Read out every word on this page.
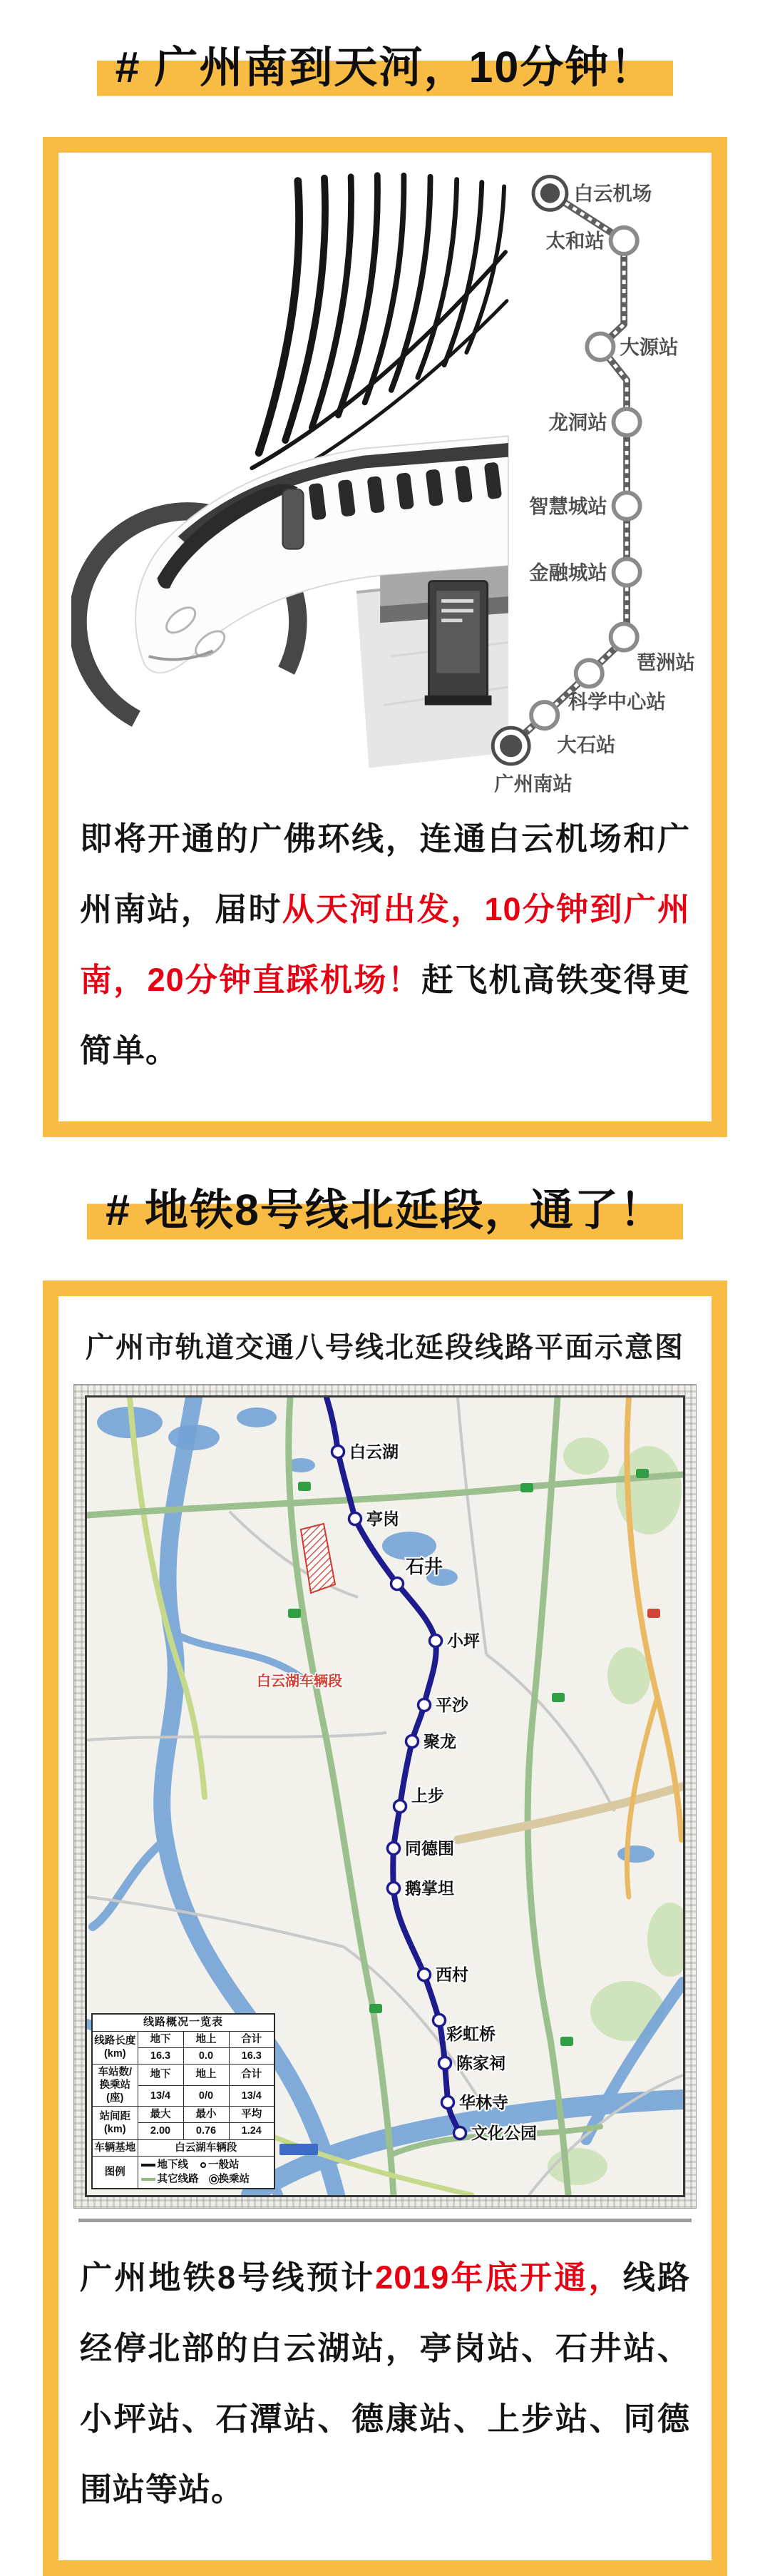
# 广州南到天河，10分钟！
白云机场
太和站
大源站
龙洞站
智慧城站
金融城站
琶洲站
科学中心站
大石站
广州南站

即将开通的广佛环线，连通白云机场和广州南站，届时从天河出发，10分钟到广州南，20分钟直踩机场！赶飞机高铁变得更简单。

# 地铁8号线北延段，通了！
广州市轨道交通八号线北延段线路平面示意图
白云湖
亭岗
石井
小坪
平沙
聚龙
上步
同德围
鹅掌坦
西村
彩虹桥
陈家祠
华林寺
文化公园
白云湖车辆段
线路概况一览表			
线路长度 (km)	地下	地上	合计
	16.3	0.0	16.3
车站数/ 换乘站(座)	地下	地上	合计
	13/4	0/0	13/4
站间距 (km)	最大	最小	平均
	2.00	0.76	1.24
车辆基地	白云湖车辆段		
图例	地下线 一般站
其它线路 换乘站		

广州地铁8号线预计2019年底开通，线路经停北部的白云湖站，亭岗站、石井站、小坪站、石潭站、德康站、上步站、同德围站等站。
